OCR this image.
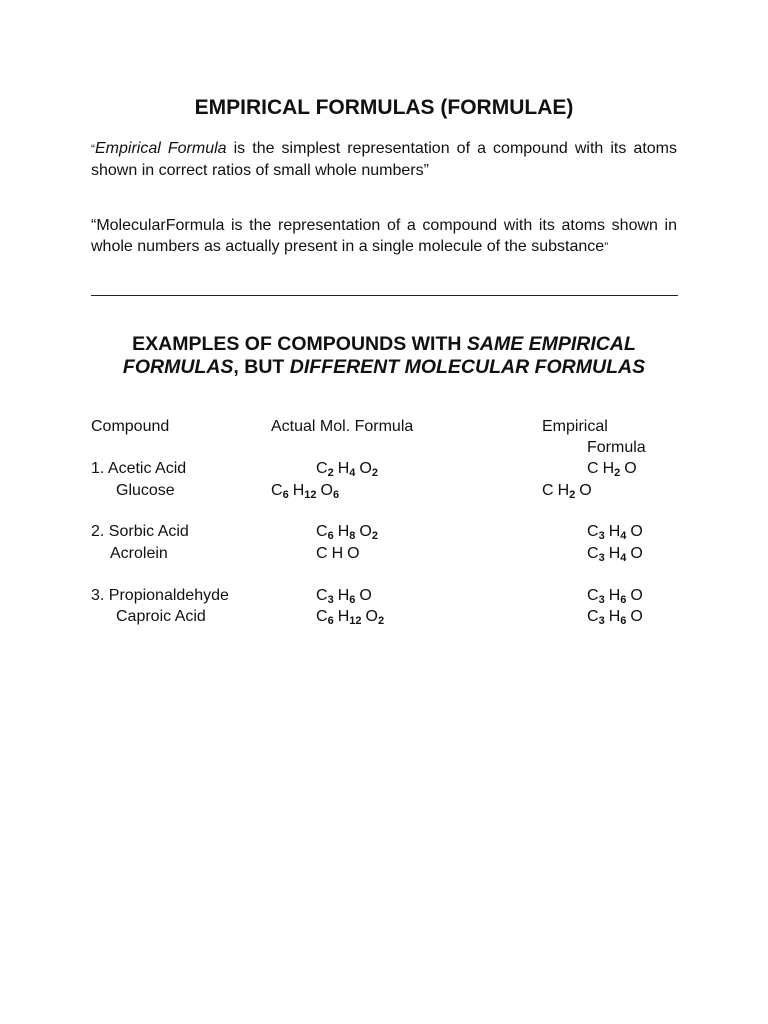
EMPIRICAL FORMULAS (FORMULAE)
“Empirical Formula is the simplest representation of a compound with its atoms shown in correct ratios of small whole numbers”
“MolecularFormula is the representation of a compound with its atoms shown in whole numbers as actually present in a single molecule of the substance”
EXAMPLES OF COMPOUNDS WITH SAME EMPIRICAL FORMULAS, BUT DIFFERENT MOLECULAR FORMULAS
Compound	Actual Mol. Formula	Empirical
Formula
1. Acetic Acid	$C_2$ $H_4$ $O_2$	C $H_2$ O
Glucose	$C_6$ $H_{12}$ $O_6$	C $H_2$ O
2. Sorbic Acid	$C_6$ $H_8$ $O_2$	$C_3$ $H_4$ O
Acrolein	C H O	$C_3$ $H_4$ O
3. Propionaldehyde	$C_3$ $H_6$ O	$C_3$ $H_6$ O
Caproic Acid	$C_6$ $H_{12}$ $O_2$	$C_3$ $H_6$ O
